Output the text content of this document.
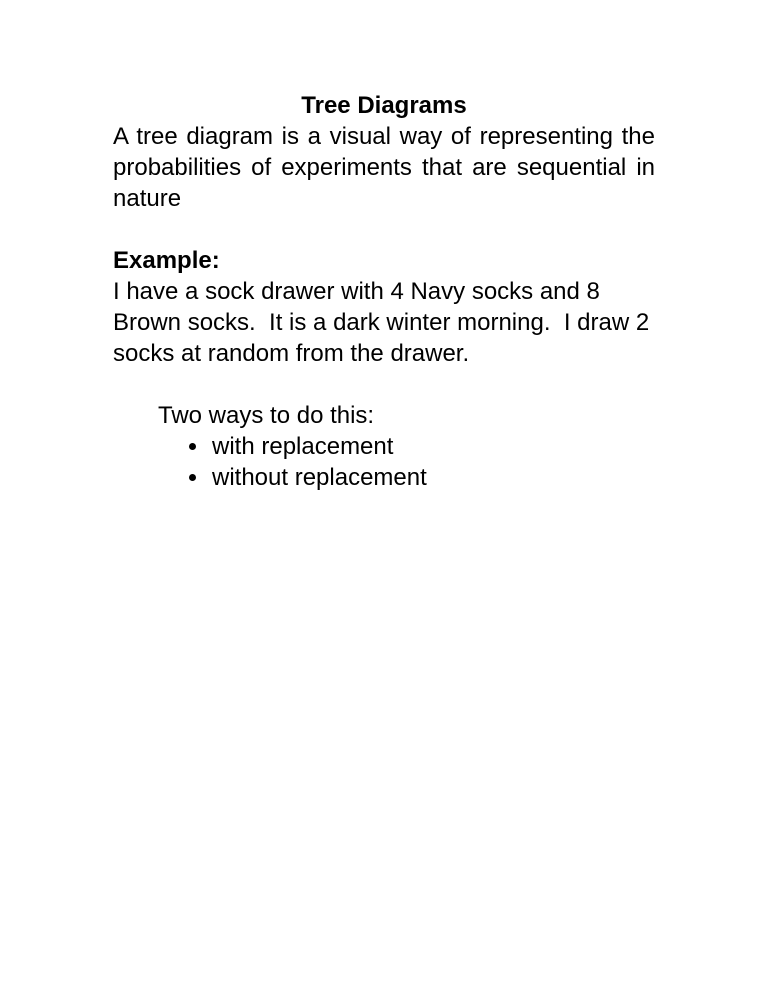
Tree Diagrams

A tree diagram is a visual way of representing the probabilities of experiments that are sequential in nature

Example:

I have a sock drawer with 4 Navy socks and 8 Brown socks.  It is a dark winter morning.  I draw 2 socks at random from the drawer.

Two ways to do this:

with replacement
without replacement
